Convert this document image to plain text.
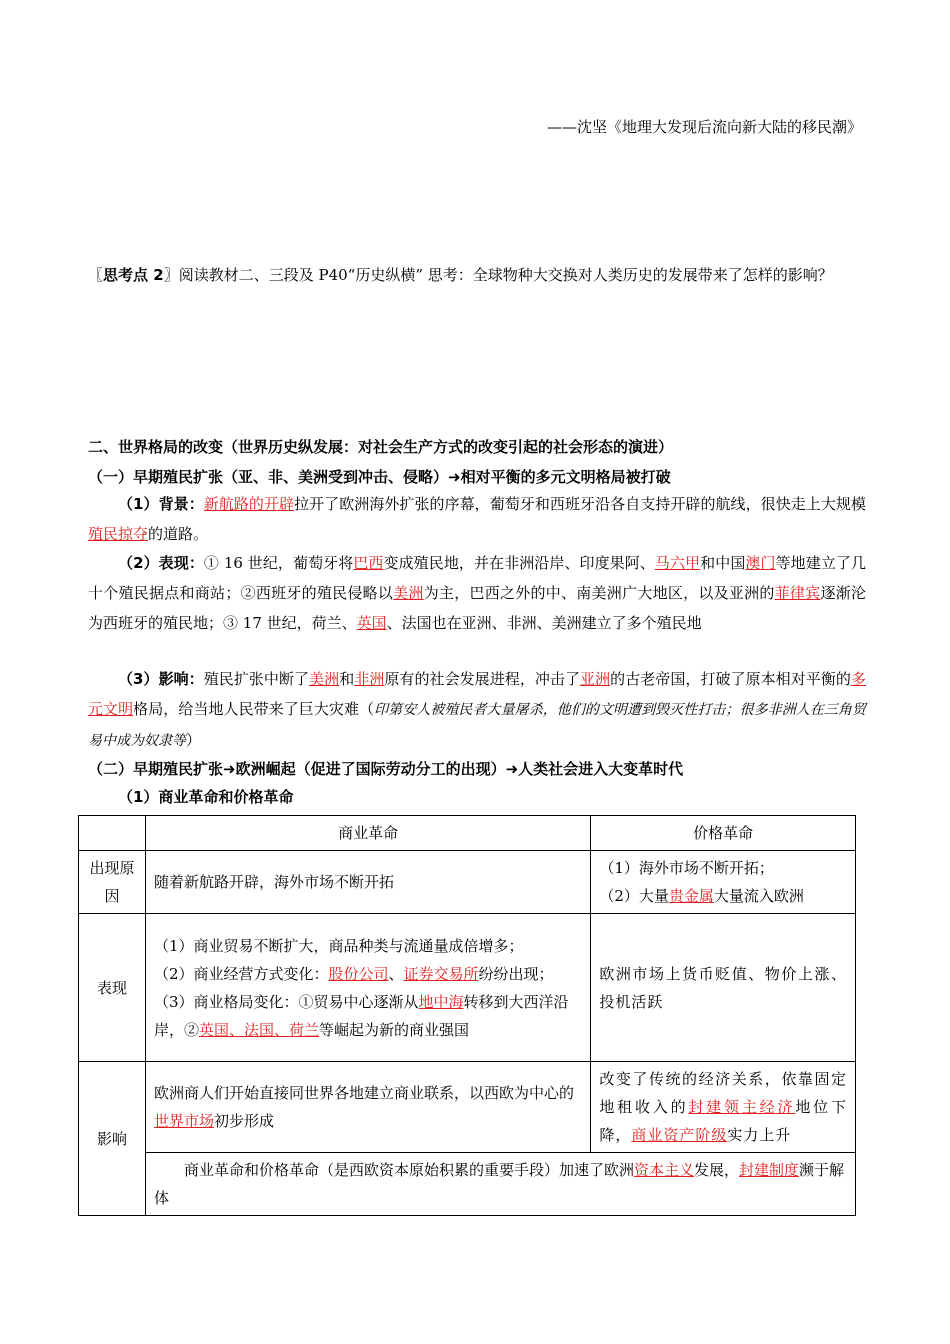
——沈坚《地理大发现后流向新大陆的移民潮》
〖思考点 2〗阅读教材二、三段及 P40“历史纵横” 思考：全球物种大交换对人类历史的发展带来了怎样的影响？
二、世界格局的改变（世界历史纵发展：对社会生产方式的改变引起的社会形态的演进）
（一）早期殖民扩张（亚、非、美洲受到冲击、侵略）➜相对平衡的多元文明格局被打破
（1）背景：新航路的开辟拉开了欧洲海外扩张的序幕，葡萄牙和西班牙沿各自支持开辟的航线，很快走上大规模殖民掠夺的道路。
（2）表现：① 16 世纪，葡萄牙将巴西变成殖民地，并在非洲沿岸、印度果阿、马六甲和中国澳门等地建立了几十个殖民据点和商站；②西班牙的殖民侵略以美洲为主，巴西之外的中、南美洲广大地区，以及亚洲的菲律宾逐渐沦为西班牙的殖民地；③ 17 世纪，荷兰、英国、法国也在亚洲、非洲、美洲建立了多个殖民地
（3）影响：殖民扩张中断了美洲和非洲原有的社会发展进程，冲击了亚洲的古老帝国，打破了原本相对平衡的多元文明格局，给当地人民带来了巨大灾难（印第安人被殖民者大量屠杀，他们的文明遭到毁灭性打击；很多非洲人在三角贸易中成为奴隶等）
（二）早期殖民扩张➜欧洲崛起（促进了国际劳动分工的出现）➜人类社会进入大变革时代
（1）商业革命和价格革命
	商业革命	价格革命
出现原因	随着新航路开辟，海外市场不断开拓	（1）海外市场不断开拓；
（2）大量贵金属大量流入欧洲

表现	（1）商业贸易不断扩大，商品种类与流通量成倍增多；
（2）商业经营方式变化：股份公司、证券交易所纷纷出现；
（3）商业格局变化：①贸易中心逐渐从地中海转移到大西洋沿岸，②英国、法国、荷兰等崛起为新的商业强国	欧洲市场上货币贬值、物价上涨、投机活跃
影响	欧洲商人们开始直接同世界各地建立商业联系，以西欧为中心的世界市场初步形成	改变了传统的经济关系，依靠固定地租收入的封建领主经济地位下降，商业资产阶级实力上升
	商业革命和价格革命（是西欧资本原始积累的重要手段）加速了欧洲资本主义发展，封建制度濒于解体	
